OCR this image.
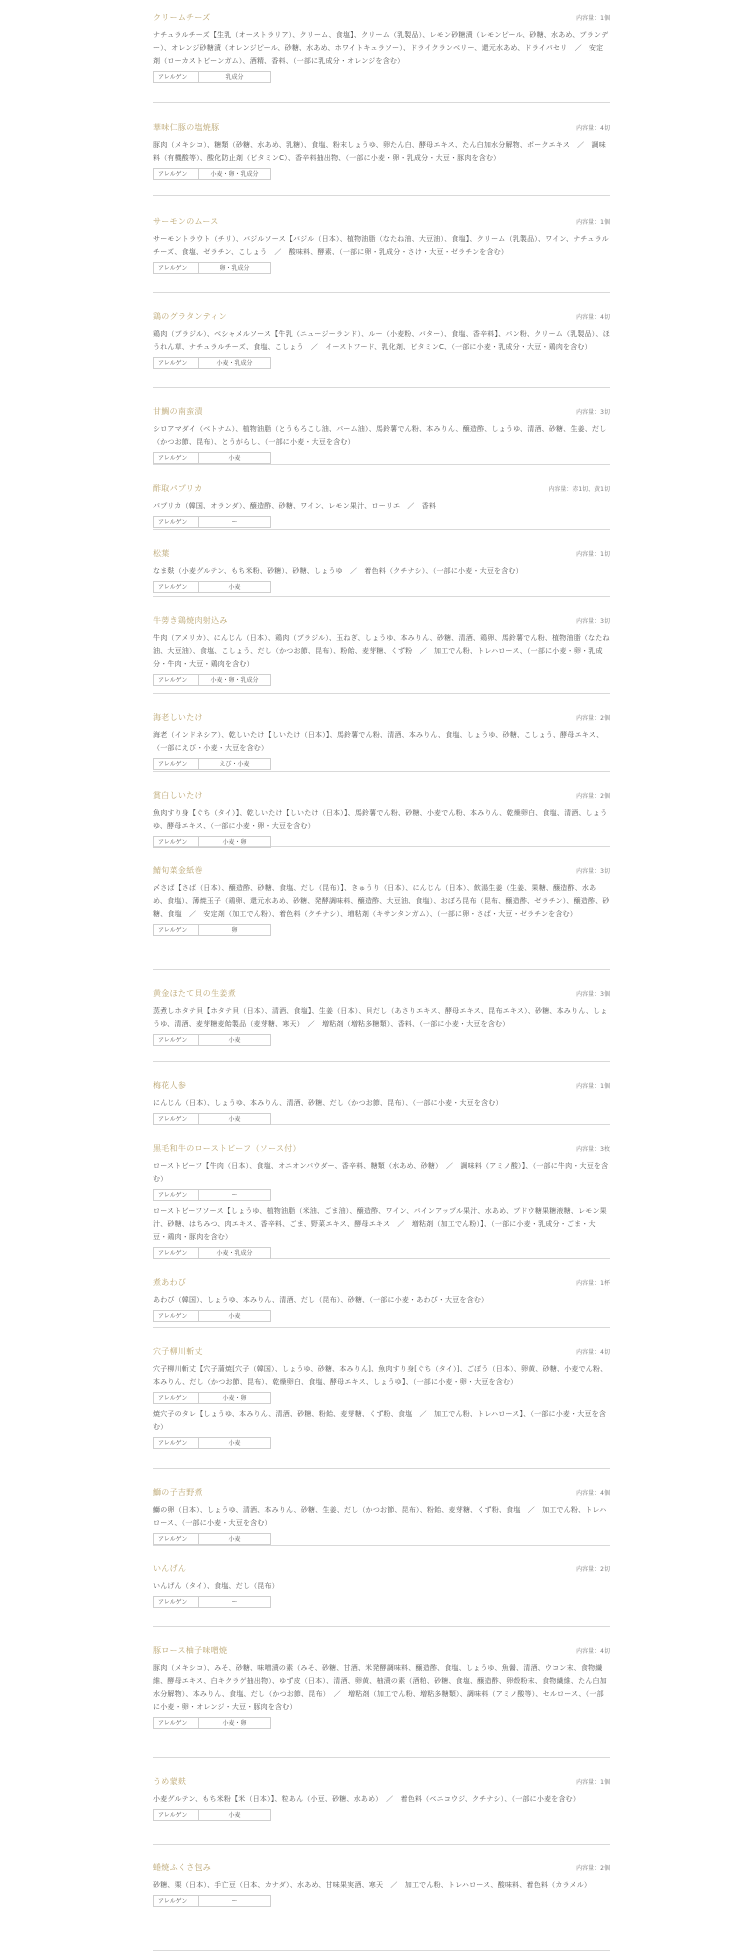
クリームチーズ	内容量：1個
ナチュラルチーズ【生乳（オーストラリア）、クリーム、食塩】、クリーム（乳製品）、レモン砂糖漬（レモンピール、砂糖、水あめ、ブランデー）、オレンジ砂糖漬（オレンジピール、砂糖、水あめ、ホワイトキュラソー）、ドライクランベリー、還元水あめ、ドライパセリ　／　安定剤（ローカストビーンガム）、酒精、香料、（一部に乳成分・オレンジを含む）
アレルゲン	乳成分
華味仁豚の塩焼豚	内容量：4切
豚肉（メキシコ）、糖類（砂糖、水あめ、乳糖）、食塩、粉末しょうゆ、卵たん白、酵母エキス、たん白加水分解物、ポークエキス　／　調味料（有機酸等）、酸化防止剤（ビタミンC）、香辛料抽出物、（一部に小麦・卵・乳成分・大豆・豚肉を含む）
アレルゲン	小麦・卵・乳成分
サーモンのムース	内容量：1個
サーモントラウト（チリ）、バジルソース【バジル（日本）、植物油脂（なたね油、大豆油）、食塩】、クリーム（乳製品）、ワイン、ナチュラルチーズ、食塩、ゼラチン、こしょう　／　酸味料、酵素、（一部に卵・乳成分・さけ・大豆・ゼラチンを含む）
アレルゲン	卵・乳成分
鶏のグラタンティン	内容量：4切
鶏肉（ブラジル）、ベシャメルソース【牛乳（ニュージーランド）、ルー（小麦粉、バター）、食塩、香辛料】、パン粉、クリーム（乳製品）、ほうれん草、ナチュラルチーズ、食塩、こしょう　／　イーストフード、乳化剤、ビタミンC、（一部に小麦・乳成分・大豆・鶏肉を含む）
アレルゲン	小麦・乳成分
甘鯛の南蛮漬	内容量：3切
シロアマダイ（ベトナム）、植物油脂（とうもろこし油、パーム油）、馬鈴薯でん粉、本みりん、醸造酢、しょうゆ、清酒、砂糖、生姜、だし（かつお節、昆布）、とうがらし、（一部に小麦・大豆を含む）
アレルゲン	小麦
酢取パプリカ	内容量：赤1切、黄1切
パプリカ（韓国、オランダ）、醸造酢、砂糖、ワイン、レモン果汁、ローリエ　／　香料
アレルゲン	ー
松葉	内容量：1切
なま麩（小麦グルテン、もち米粉、砂糖）、砂糖、しょうゆ　／　着色料（クチナシ）、（一部に小麦・大豆を含む）
アレルゲン	小麦
牛蒡き鶏焼肉射込み	内容量：3切
牛肉（アメリカ）、にんじん（日本）、鶏肉（ブラジル）、玉ねぎ、しょうゆ、本みりん、砂糖、清酒、鶏卵、馬鈴薯でん粉、植物油脂（なたね油、大豆油）、食塩、こしょう、だし（かつお節、昆布）、粉飴、麦芽糖、くず粉　／　加工でん粉、トレハロース、（一部に小麦・卵・乳成分・牛肉・大豆・鶏肉を含む）
アレルゲン	小麦・卵・乳成分
海老しいたけ	内容量：2個
海老（インドネシア）、乾しいたけ【しいたけ（日本）】、馬鈴薯でん粉、清酒、本みりん、食塩、しょうゆ、砂糖、こしょう、酵母エキス、（一部にえび・小麦・大豆を含む）
アレルゲン	えび・小麦
賞白しいたけ	内容量：2個
魚肉すり身【ぐち（タイ）】、乾しいたけ【しいたけ（日本）】、馬鈴薯でん粉、砂糖、小麦でん粉、本みりん、乾燥卵白、食塩、清酒、しょうゆ、酵母エキス、（一部に小麦・卵・大豆を含む）
アレルゲン	小麦・卵
鯖旬菜金紙巻	内容量：3切
〆さば【さば（日本）、醸造酢、砂糖、食塩、だし（昆布）】、きゅうり（日本）、にんじん（日本）、飲湯生姜（生姜、果糖、醸造酢、水あめ、食塩）、薄焼玉子（鶏卵、還元水あめ、砂糖、発酵調味料、醸造酢、大豆油、食塩）、おぼろ昆布（昆布、醸造酢、ゼラチン）、醸造酢、砂糖、食塩　／　安定剤（加工でん粉）、着色料（クチナシ）、増粘剤（キサンタンガム）、（一部に卵・さば・大豆・ゼラチンを含む）
アレルゲン	卵
黄金ほたて貝の生姜煮	内容量：3個
蒸煮しホタテ貝【ホタテ貝（日本）、清酒、食塩】、生姜（日本）、貝だし（あさりエキス、酵母エキス、昆布エキス）、砂糖、本みりん、しょうゆ、清酒、麦芽糖麦飴製品（麦芽糖、寒天）　／　増粘剤（増粘多糖類）、香料、（一部に小麦・大豆を含む）
アレルゲン	小麦
梅花人参	内容量：1個
にんじん（日本）、しょうゆ、本みりん、清酒、砂糖、だし（かつお節、昆布）、（一部に小麦・大豆を含む）
アレルゲン	小麦
黒毛和牛のローストビーフ（ソース付）	内容量：3枚
ローストビーフ【牛肉（日本）、食塩、オニオンパウダー、香辛料、糖類（水あめ、砂糖）　／　調味料（アミノ酸）】、（一部に牛肉・大豆を含む）
アレルゲン	ー
ローストビーフソース【しょうゆ、植物油脂（米油、ごま油）、醸造酢、ワイン、パインアップル果汁、水あめ、ブドウ糖果糖液糖、レモン果汁、砂糖、はちみつ、肉エキス、香辛料、ごま、野菜エキス、酵母エキス　／　増粘剤（加工でん粉）】、（一部に小麦・乳成分・ごま・大豆・鶏肉・豚肉を含む）
アレルゲン	小麦・乳成分
煮あわび	内容量：1杯
あわび（韓国）、しょうゆ、本みりん、清酒、だし（昆布）、砂糖、（一部に小麦・あわび・大豆を含む）
アレルゲン	小麦
穴子柳川斬丈	内容量：4切
穴子柳川斬丈【穴子蒲焼[穴子（韓国）、しょうゆ、砂糖、本みりん]、魚肉すり身[ぐち（タイ）]、ごぼう（日本）、卵黄、砂糖、小麦でん粉、本みりん、だし（かつお節、昆布）、乾燥卵白、食塩、酵母エキス、しょうゆ】、（一部に小麦・卵・大豆を含む）
アレルゲン	小麦・卵
焼穴子のタレ【しょうゆ、本みりん、清酒、砂糖、粉飴、麦芽糖、くず粉、食塩　／　加工でん粉、トレハロース】、（一部に小麦・大豆を含む）
アレルゲン	小麦
鰤の子吉野煮	内容量：4個
鰤の卵（日本）、しょうゆ、清酒、本みりん、砂糖、生姜、だし（かつお節、昆布）、粉飴、麦芽糖、くず粉、食塩　／　加工でん粉、トレハロース、（一部に小麦・大豆を含む）
アレルゲン	小麦
いんげん	内容量：2切
いんげん（タイ）、食塩、だし（昆布）
アレルゲン	ー
豚ロース柚子味噌焼	内容量：4切
豚肉（メキシコ）、みそ、砂糖、味噌漬の素（みそ、砂糖、甘酒、米発酵調味料、醸造酢、食塩、しょうゆ、魚醤、清酒、ウコン末、食物繊維、酵母エキス、白キクラゲ抽出物）、ゆず皮（日本）、清酒、卵黄、柚漬の素（酒粕、砂糖、食塩、醸造酢、卵殻粉末、食物繊維、たん白加水分解物）、本みりん、食塩、だし（かつお節、昆布）　／　増粘剤（加工でん粉、増粘多糖類）、調味料（アミノ酸等）、セルロース、（一部に小麦・卵・オレンジ・大豆・豚肉を含む）
アレルゲン	小麦・卵
うめ蒙麸	内容量：1個
小麦グルテン、もち米粉【米（日本）】、粒あん（小豆、砂糖、水あめ）　／　着色料（ベニコウジ、クチナシ）、（一部に小麦を含む）
アレルゲン	小麦
蜷焼ふくさ包み	内容量：2個
砂糖、栗（日本）、手亡豆（日本、カナダ）、水あめ、甘味果実酒、寒天　／　加工でん粉、トレハロース、酸味料、着色料（カラメル）
アレルゲン	ー
